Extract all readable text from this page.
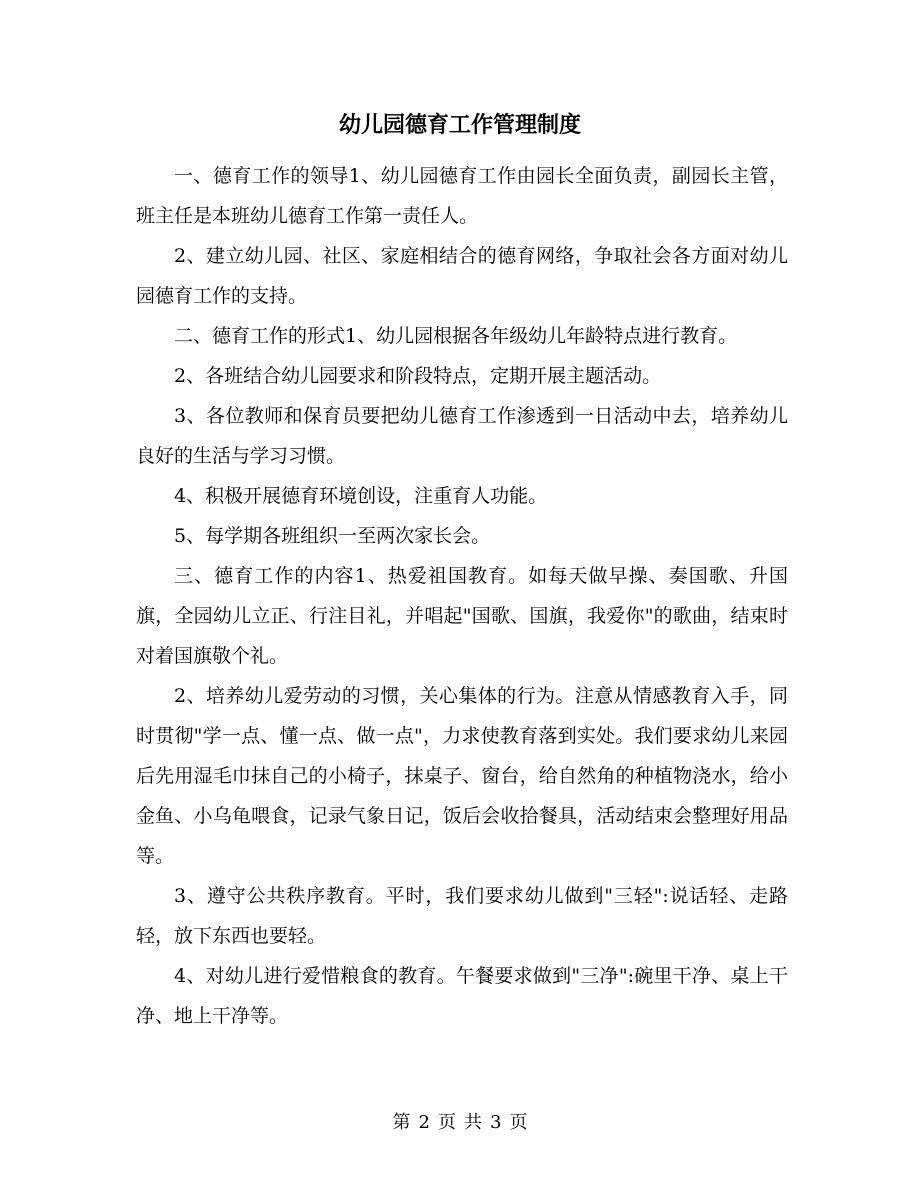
幼儿园德育工作管理制度

一、德育工作的领导1、幼儿园德育工作由园长全面负责，副园长主管，班主任是本班幼儿德育工作第一责任人。

2、建立幼儿园、社区、家庭相结合的德育网络，争取社会各方面对幼儿园德育工作的支持。

二、德育工作的形式1、幼儿园根据各年级幼儿年龄特点进行教育。

2、各班结合幼儿园要求和阶段特点，定期开展主题活动。

3、各位教师和保育员要把幼儿德育工作渗透到一日活动中去，培养幼儿良好的生活与学习习惯。

4、积极开展德育环境创设，注重育人功能。

5、每学期各班组织一至两次家长会。

三、德育工作的内容1、热爱祖国教育。如每天做早操、奏国歌、升国旗，全园幼儿立正、行注目礼，并唱起"国歌、国旗，我爱你"的歌曲，结束时对着国旗敬个礼。

2、培养幼儿爱劳动的习惯，关心集体的行为。注意从情感教育入手，同时贯彻"学一点、懂一点、做一点"，力求使教育落到实处。我们要求幼儿来园后先用湿毛巾抹自己的小椅子，抹桌子、窗台，给自然角的种植物浇水，给小金鱼、小乌龟喂食，记录气象日记，饭后会收拾餐具，活动结束会整理好用品等。

3、遵守公共秩序教育。平时，我们要求幼儿做到"三轻":说话轻、走路轻，放下东西也要轻。

4、对幼儿进行爱惜粮食的教育。午餐要求做到"三净":碗里干净、桌上干净、地上干净等。

第 2 页 共 3 页
